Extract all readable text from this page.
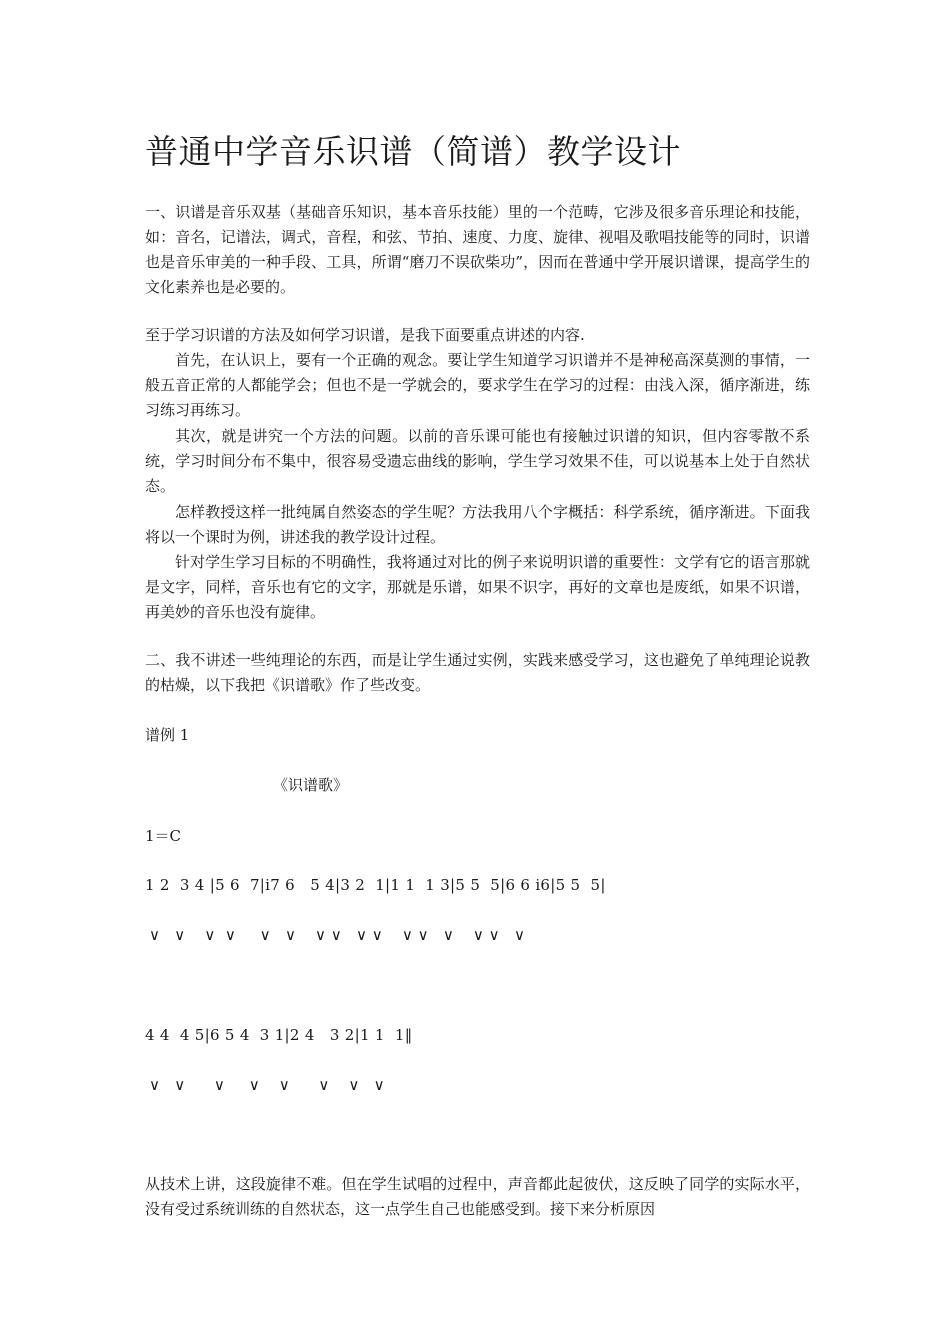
普通中学音乐识谱（简谱）教学设计

一、识谱是音乐双基（基础音乐知识，基本音乐技能）里的一个范畴，它涉及很多音乐理论和技能，如：音名，记谱法，调式，音程，和弦、节拍、速度、力度、旋律、视唱及歌唱技能等的同时，识谱也是音乐审美的一种手段、工具，所谓“磨刀不误砍柴功”，因而在普通中学开展识谱课，提高学生的文化素养也是必要的。

至于学习识谱的方法及如何学习识谱，是我下面要重点讲述的内容.

首先，在认识上，要有一个正确的观念。要让学生知道学习识谱并不是神秘高深莫测的事情，一般五音正常的人都能学会；但也不是一学就会的，要求学生在学习的过程：由浅入深，循序渐进，练习练习再练习。

其次，就是讲究一个方法的问题。以前的音乐课可能也有接触过识谱的知识，但内容零散不系统，学习时间分布不集中，很容易受遗忘曲线的影响，学生学习效果不佳，可以说基本上处于自然状态。

怎样教授这样一批纯属自然姿态的学生呢？方法我用八个字概括：科学系统，循序渐进。下面我将以一个课时为例，讲述我的教学设计过程。

针对学生学习目标的不明确性，我将通过对比的例子来说明识谱的重要性：文学有它的语言那就是文字，同样，音乐也有它的文字，那就是乐谱，如果不识字，再好的文章也是废纸，如果不识谱，再美妙的音乐也没有旋律。

二、我不讲述一些纯理论的东西，而是让学生通过实例，实践来感受学习，这也避免了单纯理论说教的枯燥，以下我把《识谱歌》作了些改变。

谱例 1
《识谱歌》
1＝C
1 2  3 4 |5 6  7|i7 6   5 4|3 2  1|1 1  1 3|5 5  5|6 6 i6|5 5  5|
∨   ∨    ∨  ∨     ∨   ∨    ∨ ∨   ∨ ∨    ∨ ∨   ∨    ∨ ∨   ∨
4 4  4 5|6 5 4  3 1|2 4   3 2|1 1  1‖
∨   ∨      ∨     ∨    ∨      ∨    ∨   ∨

从技术上讲，这段旋律不难。但在学生试唱的过程中，声音都此起彼伏，这反映了同学的实际水平，没有受过系统训练的自然状态，这一点学生自己也能感受到。接下来分析原因
